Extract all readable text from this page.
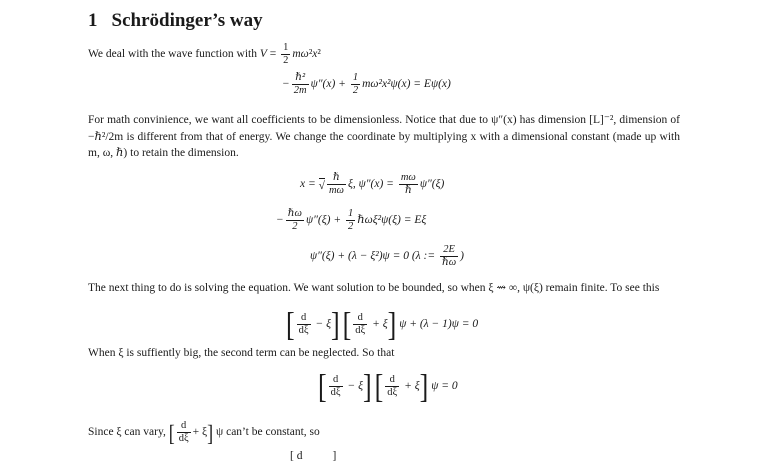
1 Schrödinger’s way
We deal with the wave function with $V = \frac{1}{2} m\omega^2x^2$
− $\frac{\text{ℏ²}}{2m} \psi''(x) + \frac{1}{2} m\omega^2x^2\psi(x) = E\psi(x)$
For math convinience, we want all coefficients to be dimensionless. Notice that due to ψ″(x) has dimension [L]⁻², dimension of −ℏ²/2m is different from that of energy. We change the coordinate by multiplying x with a dimensional constant (made up with m, ω, ℏ) to retain the dimension.
x = √ $\frac{\text{ℏ}}{m\omega} \xi$, $\psi''(x) = \frac{m\omega}{\text{ℏ}} \psi''(\xi)$
− $\frac{\text{ℏω}}{2} \psi''(\xi) + \frac{1}{2}$ ℏωξ²ψ(ξ) = Eξ
ψ″(ξ) + (λ − ξ²)ψ = 0 (λ := $\frac{2E}{\text{ℏω}}$ )
The next thing to do is solving the equation. We want solution to be bounded, so when ξ ⇝ ∞, ψ(ξ) remain finite. To see this
[ $\frac{d}{d\xi} - \xi$] [ $\frac{d}{d\xi} + \xi$] ψ + (λ − 1)ψ = 0
When ξ is suffiently big, the second term can be neglected. So that
[ $\frac{d}{d\xi} - \xi$] [ $\frac{d}{d\xi} + \xi$] ψ = 0
Since ξ can vary, [ $\frac{d}{d\xi} + \xi$] ψ can’t be constant, so
[ d	]
